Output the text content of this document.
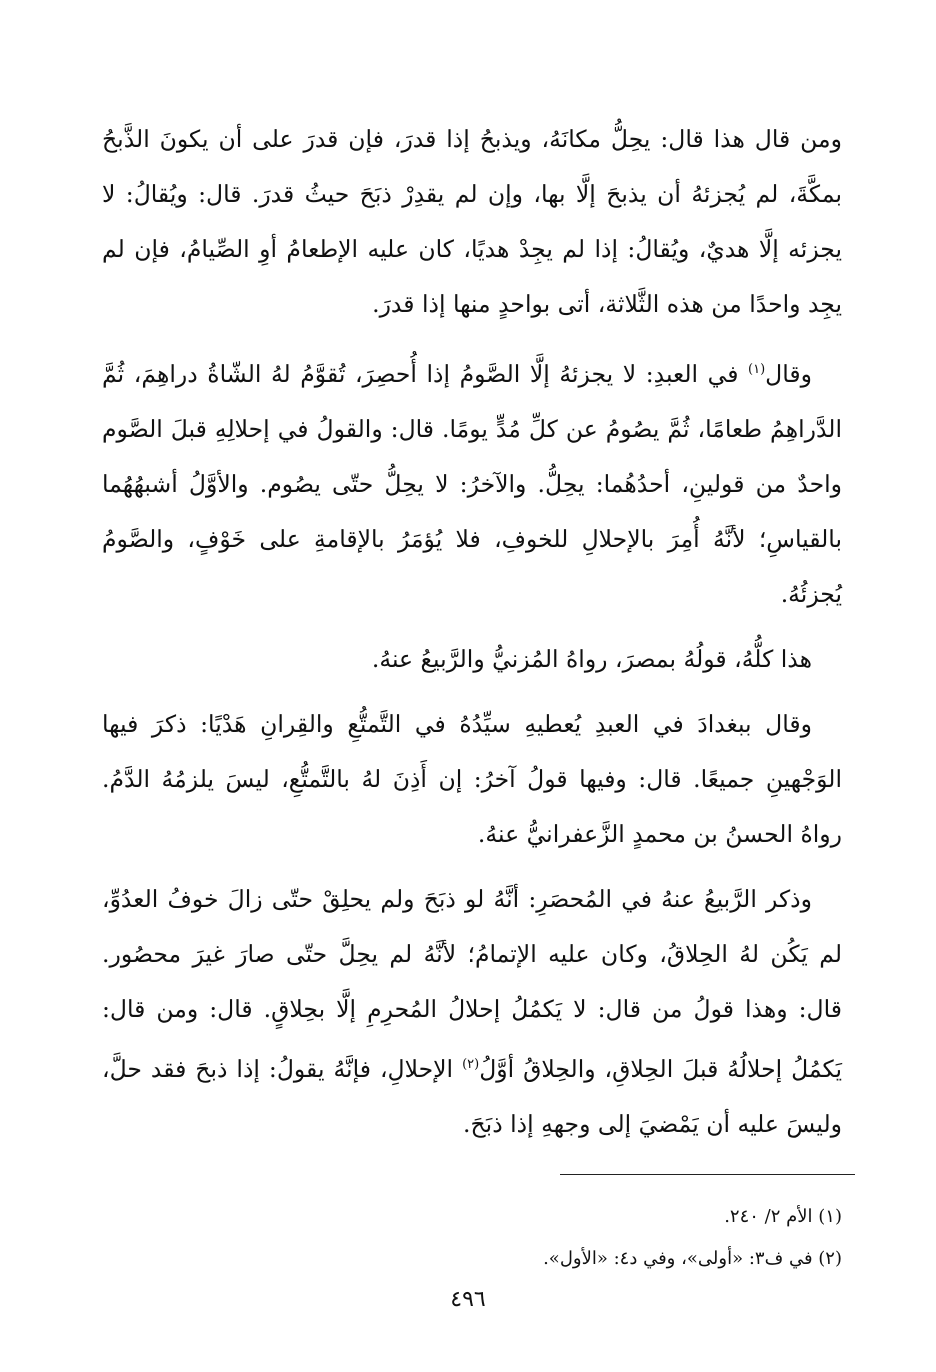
ومن قال هذا قال: يحِلُّ مكانَهُ، ويذبحُ إذا قدرَ، فإن قدرَ على أن يكونَ الذَّبحُ بمكَّةَ، لم يُجزئهُ أن يذبحَ إلَّا بها، وإن لم يقدِرْ ذبَحَ حيثُ قدرَ. قال: ويُقالُ: لا يجزئه إلَّا هديٌ، ويُقالُ: إذا لم يجِدْ هديًا، كان عليه الإطعامُ أوِ الصِّيامُ، فإن لم يجِد واحدًا من هذه الثَّلاثة، أتى بواحدٍ منها إذا قدرَ.

وقال$^{(١)}$ في العبدِ: لا يجزئهُ إلَّا الصَّومُ إذا أُحصِرَ، تُقوَّمُ لهُ الشّاةُ دراهِمَ، ثُمَّ الدَّراهِمُ طعامًا، ثُمَّ يصُومُ عن كلِّ مُدٍّ يومًا. قال: والقولُ في إحلالِهِ قبلَ الصَّوم واحدٌ من قولينِ، أحدُهُما: يحِلُّ. والآخرُ: لا يحِلُّ حتّى يصُوم. والأوَّلُ أشبهُهُما بالقياسِ؛ لأنَّهُ أُمِرَ بالإحلالِ للخوفِ، فلا يُؤمَرُ بالإقامةِ على خَوْفٍ، والصَّومُ يُجزئُهُ.

هذا كلُّهُ، قولُهُ بمصرَ، رواهُ المُزنيُّ والرَّبيعُ عنهُ.

وقال ببغدادَ في العبدِ يُعطيهِ سيِّدُهُ في التَّمتُّعِ والقِرانِ هَدْيًا: ذكرَ فيها الوَجْهينِ جميعًا. قال: وفيها قولُ آخرُ: إن أَذِنَ لهُ بالتَّمتُّعِ، ليسَ يلزمُهُ الدَّمُ. رواهُ الحسنُ بن محمدٍ الزَّعفرانيُّ عنهُ.

وذكر الرَّبيعُ عنهُ في المُحصَرِ: أنَّهُ لو ذبَحَ ولم يحلِقْ حتّى زالَ خوفُ العدُوِّ، لم يَكُن لهُ الحِلاقُ، وكان عليه الإتمامُ؛ لأنَّهُ لم يحِلَّ حتّى صارَ غيرَ محصُور. قال: وهذا قولُ من قال: لا يَكمُلُ إحلالُ المُحرِمِ إلَّا بحِلاقٍ. قال: ومن قال: يَكمُلُ إحلالُهُ قبلَ الحِلاقِ، والحِلاقُ أوَّلُ$^{(٢)}$ الإحلالِ، فإنَّهُ يقولُ: إذا ذبحَ فقد حلَّ، وليسَ عليه أن يَمْضيَ إلى وجههِ إذا ذبَحَ.

(١) الأم ٢/ ٢٤٠.

(٢) في ف٣: «أولى»، وفي د٤: «الأول».

٤٩٦
